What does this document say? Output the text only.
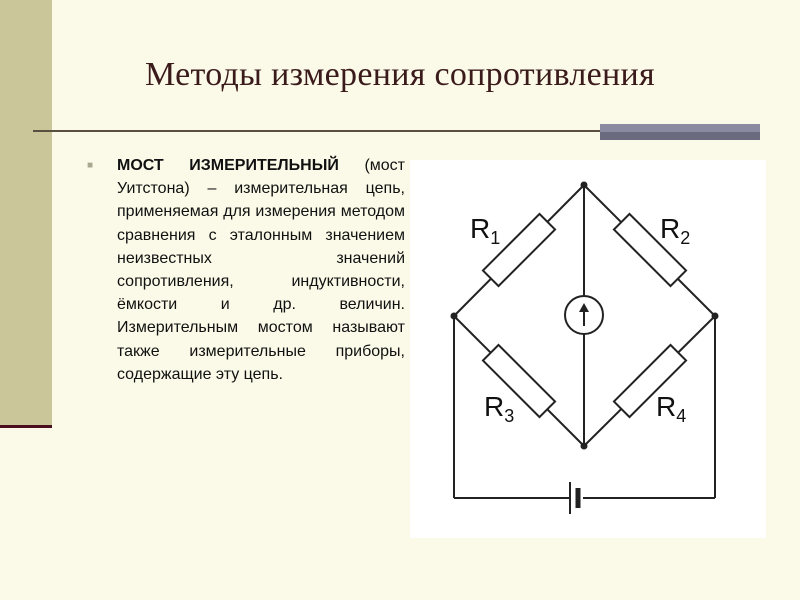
Методы измерения сопротивления
■ МОСТ ИЗМЕРИТЕЛЬНЫЙ (мост Уитстона) – измерительная цепь, применяемая для измерения методом сравнения с эталонным значением неизвестных значений сопротивления, индуктивности, ёмкости и др. величин. Измерительным мостом называют также измерительные приборы, содержащие эту цепь.
$R_1$	$R_2$
$R_3$	$R_4$
